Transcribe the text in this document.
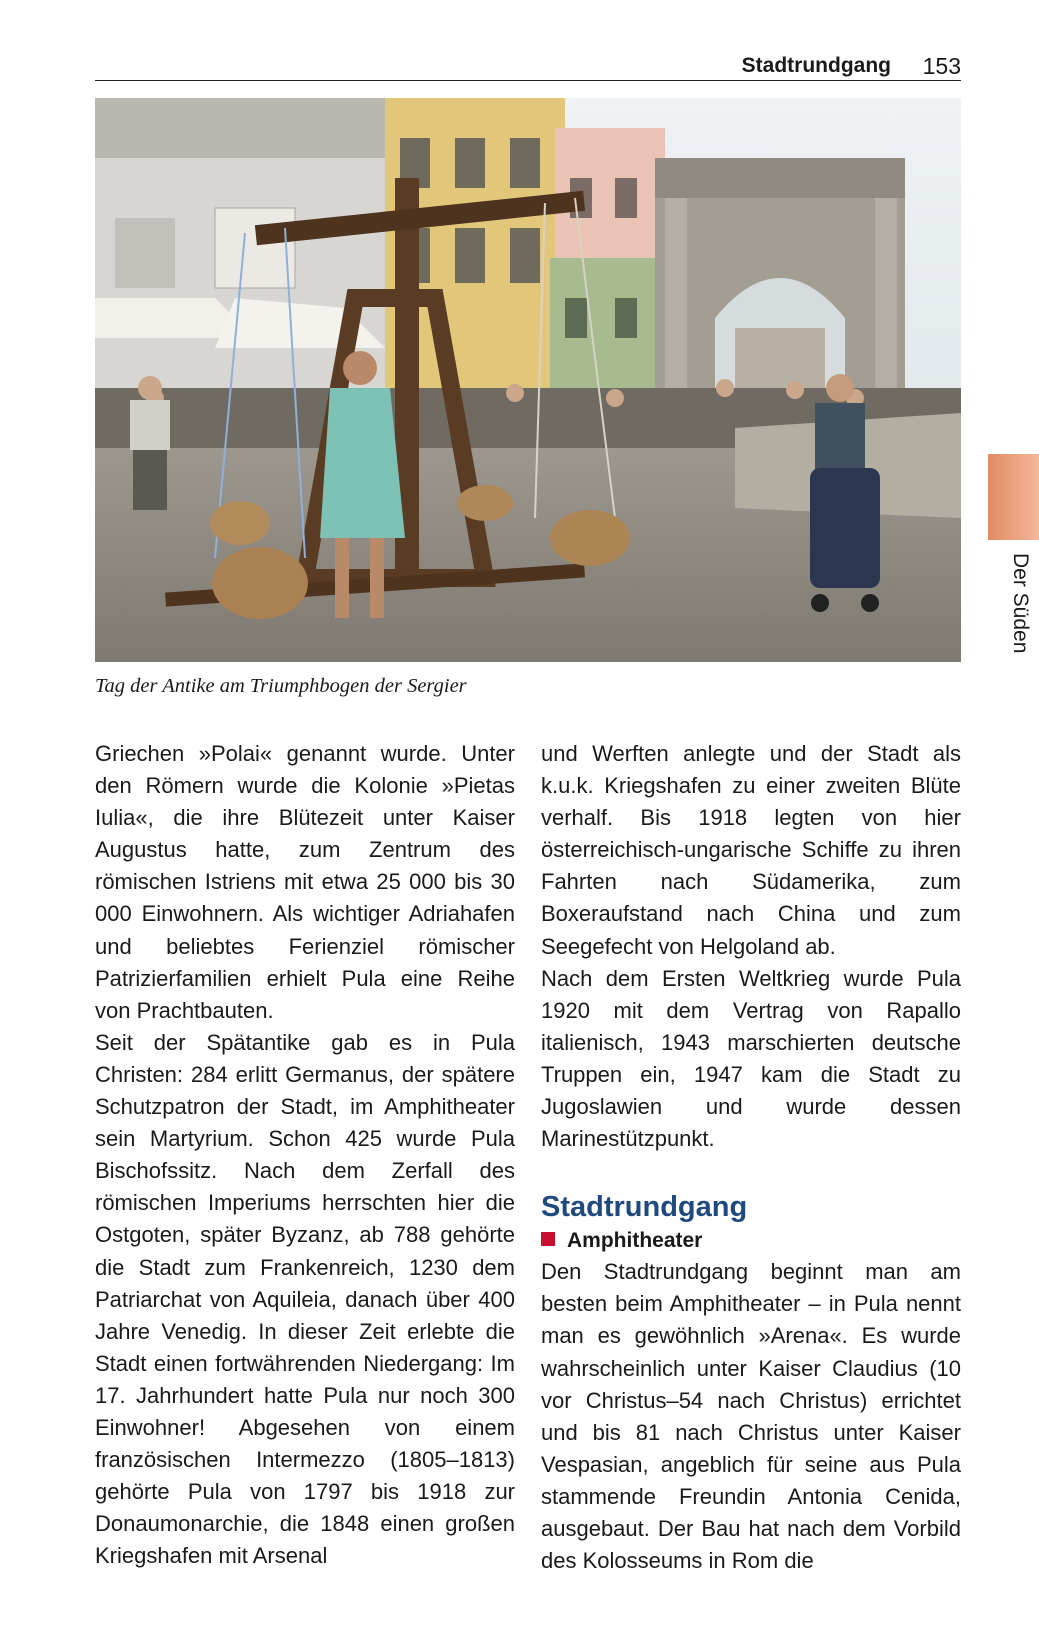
Stadtrundgang 153
Tag der Antike am Triumphbogen der Sergier
Der Süden

Griechen »Polai« genannt wurde. Unter den Römern wurde die Kolonie »Pietas Iulia«, die ihre Blütezeit unter Kaiser Augustus hatte, zum Zentrum des römischen Istriens mit etwa 25 000 bis 30 000 Einwohnern. Als wichtiger Adriahafen und beliebtes Ferienziel römischer Patrizierfamilien erhielt Pula eine Reihe von Prachtbauten.

Seit der Spätantike gab es in Pula Christen: 284 erlitt Germanus, der spätere Schutzpatron der Stadt, im Amphitheater sein Martyrium. Schon 425 wurde Pula Bischofssitz. Nach dem Zerfall des römischen Imperiums herrschten hier die Ostgoten, später Byzanz, ab 788 gehörte die Stadt zum Frankenreich, 1230 dem Patriarchat von Aquileia, danach über 400 Jahre Venedig. In dieser Zeit erlebte die Stadt einen fortwährenden Niedergang: Im 17. Jahrhundert hatte Pula nur noch 300 Einwohner! Abgesehen von einem französischen Intermezzo (1805–1813) gehörte Pula von 1797 bis 1918 zur Donaumonarchie, die 1848 einen großen Kriegshafen mit Arsenal

und Werften anlegte und der Stadt als k.u.k. Kriegshafen zu einer zweiten Blüte verhalf. Bis 1918 legten von hier österreichisch-ungarische Schiffe zu ihren Fahrten nach Südamerika, zum Boxeraufstand nach China und zum Seegefecht von Helgoland ab.

Nach dem Ersten Weltkrieg wurde Pula 1920 mit dem Vertrag von Rapallo italienisch, 1943 marschierten deutsche Truppen ein, 1947 kam die Stadt zu Jugoslawien und wurde dessen Marinestützpunkt.

Stadtrundgang
Amphitheater

Den Stadtrundgang beginnt man am besten beim Amphitheater – in Pula nennt man es gewöhnlich »Arena«. Es wurde wahrscheinlich unter Kaiser Claudius (10 vor Christus–54 nach Christus) errichtet und bis 81 nach Christus unter Kaiser Vespasian, angeblich für seine aus Pula stammende Freundin Antonia Cenida, ausgebaut. Der Bau hat nach dem Vorbild des Kolosseums in Rom die
